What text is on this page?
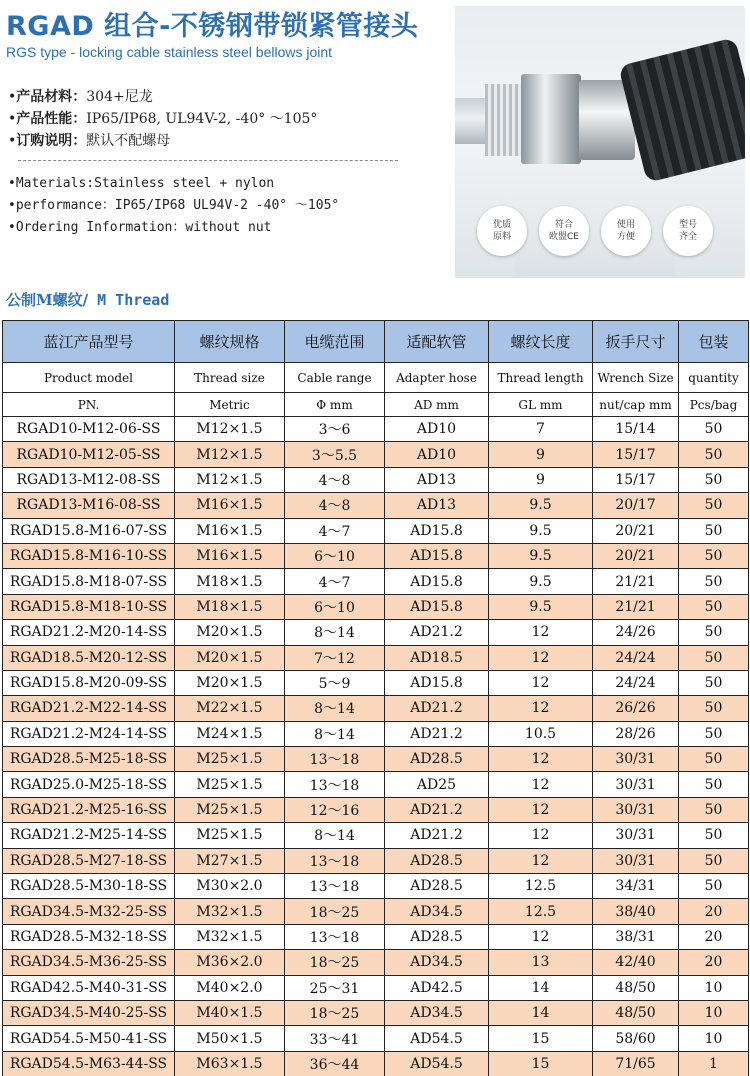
RGAD 组合-不锈钢带锁紧管接头
RGS type - locking cable stainless steel bellows joint
•产品材料：304+尼龙
•产品性能：IP65/IP68, UL94V-2, -40° ～105°
•订购说明：默认不配螺母
•Materials:Stainless steel + nylon
•performance：IP65/IP68 UL94V-2 -40° ～105°
•Ordering Information：without nut	优质
原料
符合
欧盟CE
使用
方便
型号
齐全
公制M螺纹/ M Thread
蓝江产品型号	螺纹规格	电缆范围	适配软管	螺纹长度	扳手尺寸	包装
Product model	Thread size	Cable range	Adapter hose	Thread length	Wrench Size	quantity
PN.	Metric	Φ mm	AD mm	GL mm	nut/cap mm	Pcs/bag
RGAD10-M12-06-SS	M12×1.5	3～6	AD10	7	15/14	50
RGAD10-M12-05-SS	M12×1.5	3～5.5	AD10	9	15/17	50
RGAD13-M12-08-SS	M12×1.5	4～8	AD13	9	15/17	50
RGAD13-M16-08-SS	M16×1.5	4～8	AD13	9.5	20/17	50
RGAD15.8-M16-07-SS	M16×1.5	4～7	AD15.8	9.5	20/21	50
RGAD15.8-M16-10-SS	M16×1.5	6～10	AD15.8	9.5	20/21	50
RGAD15.8-M18-07-SS	M18×1.5	4～7	AD15.8	9.5	21/21	50
RGAD15.8-M18-10-SS	M18×1.5	6～10	AD15.8	9.5	21/21	50
RGAD21.2-M20-14-SS	M20×1.5	8～14	AD21.2	12	24/26	50
RGAD18.5-M20-12-SS	M20×1.5	7～12	AD18.5	12	24/24	50
RGAD15.8-M20-09-SS	M20×1.5	5～9	AD15.8	12	24/24	50
RGAD21.2-M22-14-SS	M22×1.5	8～14	AD21.2	12	26/26	50
RGAD21.2-M24-14-SS	M24×1.5	8～14	AD21.2	10.5	28/26	50
RGAD28.5-M25-18-SS	M25×1.5	13～18	AD28.5	12	30/31	50
RGAD25.0-M25-18-SS	M25×1.5	13～18	AD25	12	30/31	50
RGAD21.2-M25-16-SS	M25×1.5	12～16	AD21.2	12	30/31	50
RGAD21.2-M25-14-SS	M25×1.5	8～14	AD21.2	12	30/31	50
RGAD28.5-M27-18-SS	M27×1.5	13～18	AD28.5	12	30/31	50
RGAD28.5-M30-18-SS	M30×2.0	13～18	AD28.5	12.5	34/31	50
RGAD34.5-M32-25-SS	M32×1.5	18～25	AD34.5	12.5	38/40	20
RGAD28.5-M32-18-SS	M32×1.5	13～18	AD28.5	12	38/31	20
RGAD34.5-M36-25-SS	M36×2.0	18～25	AD34.5	13	42/40	20
RGAD42.5-M40-31-SS	M40×2.0	25～31	AD42.5	14	48/50	10
RGAD34.5-M40-25-SS	M40×1.5	18～25	AD34.5	14	48/50	10
RGAD54.5-M50-41-SS	M50×1.5	33～41	AD54.5	15	58/60	10
RGAD54.5-M63-44-SS	M63×1.5	36～44	AD54.5	15	71/65	1
